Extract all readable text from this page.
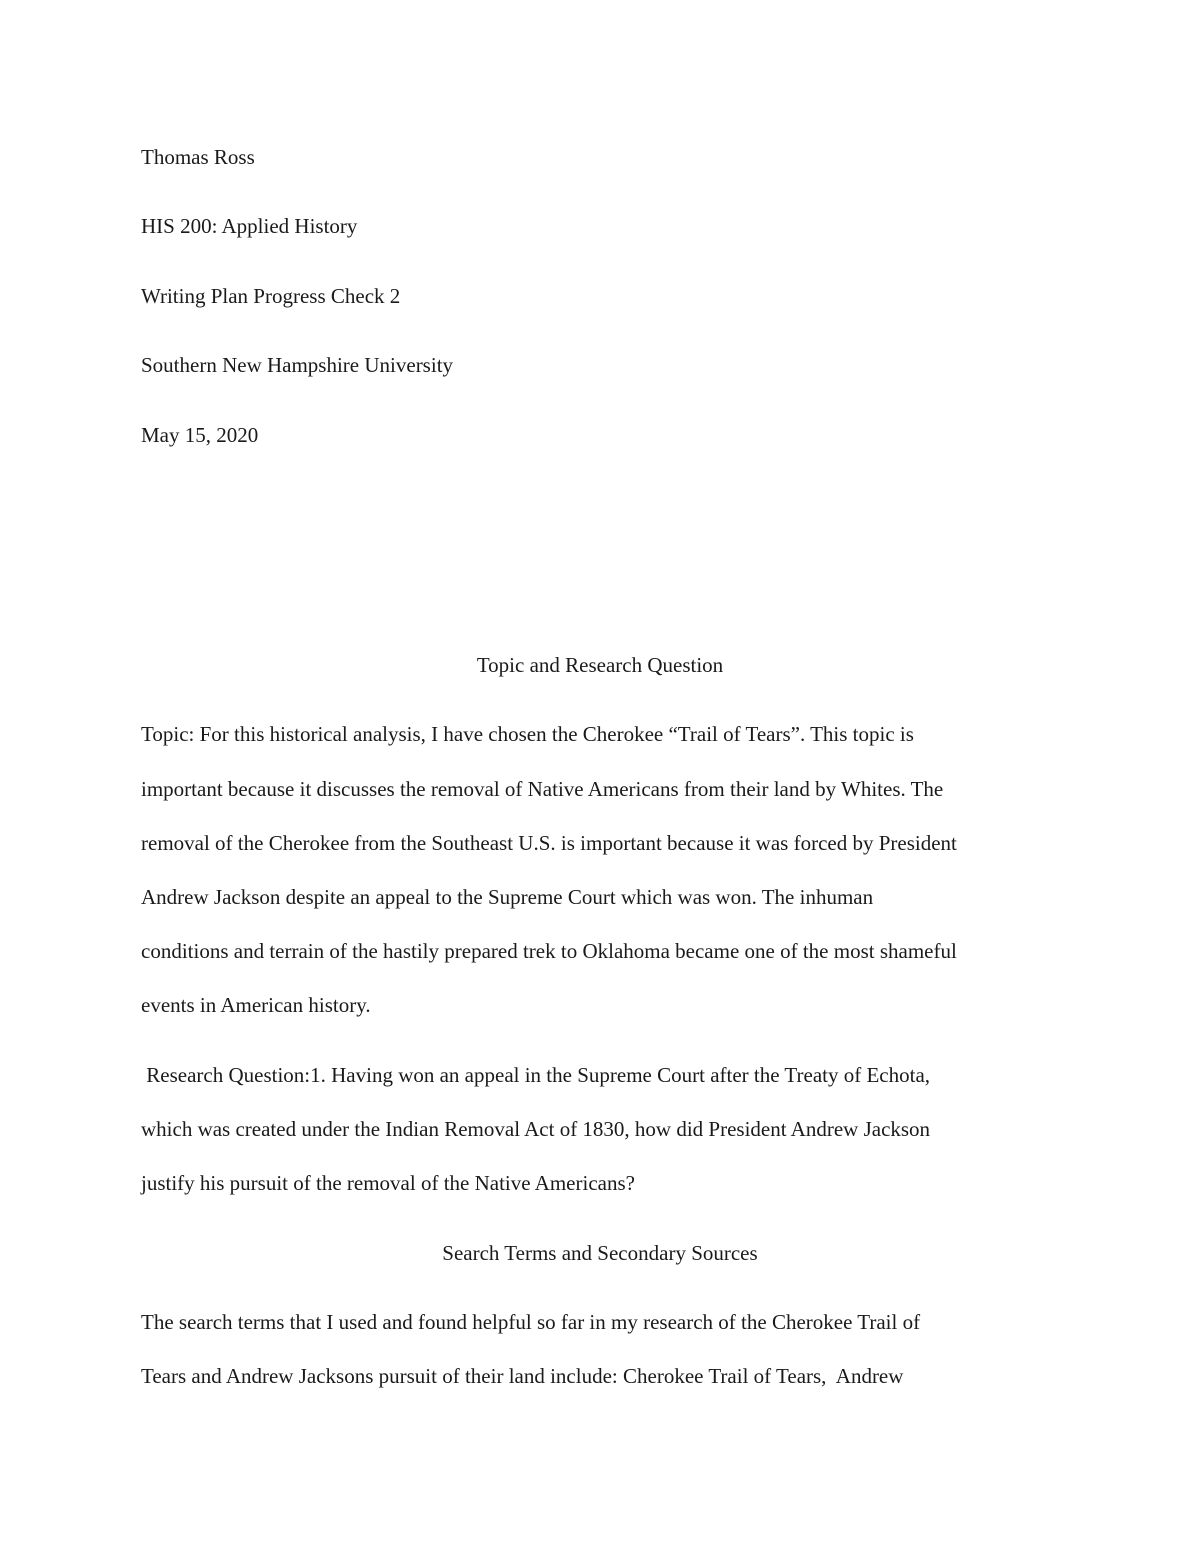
Thomas Ross
HIS 200: Applied History
Writing Plan Progress Check 2
Southern New Hampshire University
May 15, 2020
Topic and Research Question
Topic: For this historical analysis, I have chosen the Cherokee “Trail of Tears”. This topic is
important because it discusses the removal of Native Americans from their land by Whites. The
removal of the Cherokee from the Southeast U.S. is important because it was forced by President
Andrew Jackson despite an appeal to the Supreme Court which was won. The inhuman
conditions and terrain of the hastily prepared trek to Oklahoma became one of the most shameful
events in American history.
Research Question:1. Having won an appeal in the Supreme Court after the Treaty of Echota,
which was created under the Indian Removal Act of 1830, how did President Andrew Jackson
justify his pursuit of the removal of the Native Americans?
Search Terms and Secondary Sources
The search terms that I used and found helpful so far in my research of the Cherokee Trail of
Tears and Andrew Jacksons pursuit of their land include: Cherokee Trail of Tears,  Andrew
